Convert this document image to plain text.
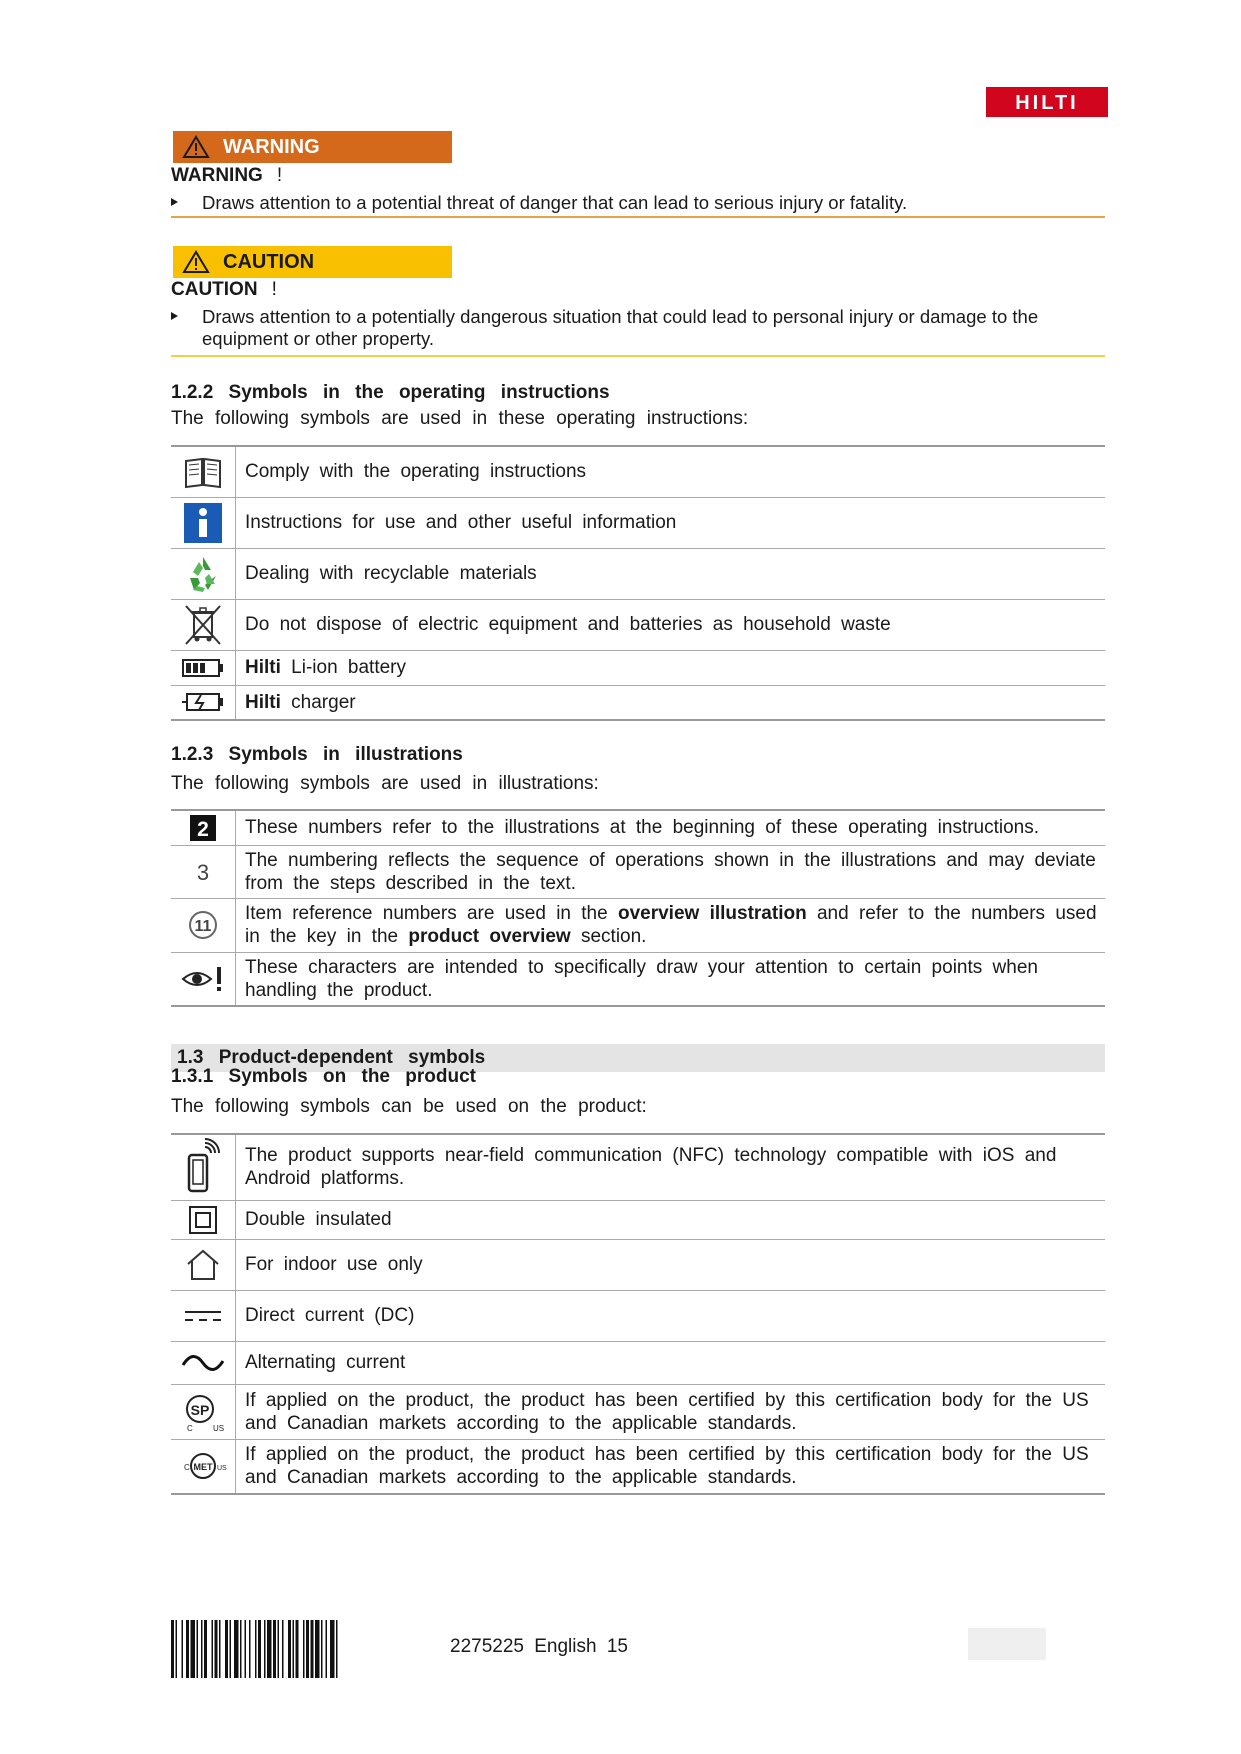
HILTI
WARNING
WARNING !
Draws attention to a potential threat of danger that can lead to serious injury or fatality.
CAUTION
CAUTION !
Draws attention to a potentially dangerous situation that could lead to personal injury or damage to the equipment or other property.
1.2.2 Symbols in the operating instructions
The following symbols are used in these operating instructions:
	Comply with the operating instructions

	Instructions for use and other useful information

	Dealing with recyclable materials

	Do not dispose of electric equipment and batteries as household waste

	Hilti Li-ion battery

	Hilti charger
1.2.3 Symbols in illustrations
The following symbols are used in illustrations:
2	These numbers refer to the illustrations at the beginning of these operating instructions.

3	The numbering reflects the sequence of operations shown in the illustrations and may deviate from the steps described in the text.

11	Item reference numbers are used in the overview illustration and refer to the numbers used in the key in the product overview section.

	These characters are intended to specifically draw your attention to certain points when handling the product.
1.3 Product-dependent symbols
1.3.1 Symbols on the product
The following symbols can be used on the product:
	The product supports near-field communication (NFC) technology compatible with iOS and Android platforms.

	Double insulated

	For indoor use only

	Direct current (DC)

	Alternating current

SP
C US	If applied on the product, the product has been certified by this certification body for the US and Canadian markets according to the applicable standards.

MET
C US	If applied on the product, the product has been certified by this certification body for the US and Canadian markets according to the applicable standards.
2275225 English 15
